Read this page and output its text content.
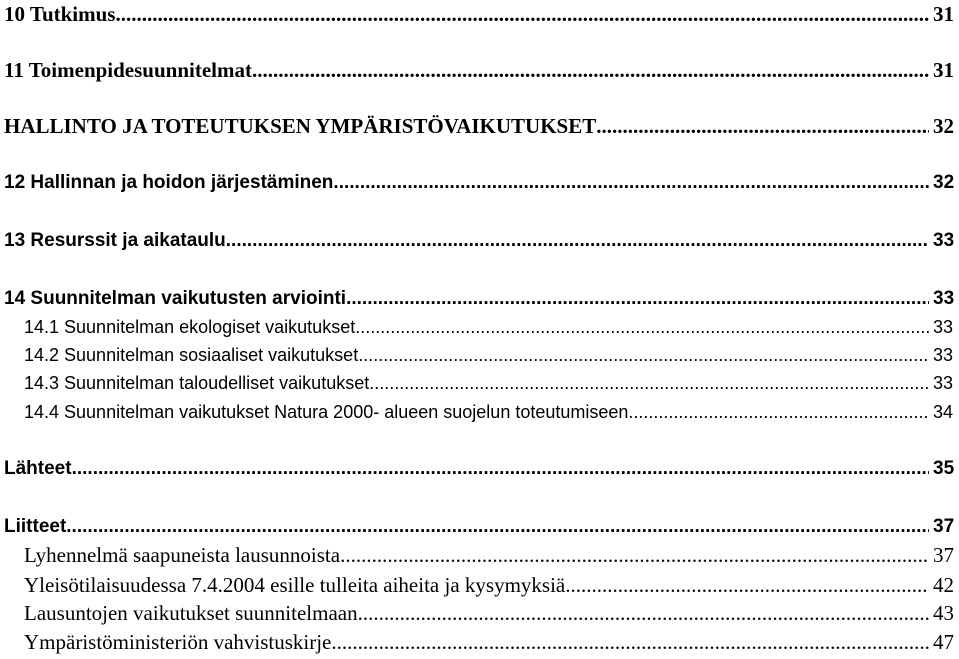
10 Tutkimus .....	31
11 Toimenpidesuunnitelmat .....	31
HALLINTO JA TOTEUTUKSEN YMPÄRISTÖVAIKUTUKSET .....	32
12 Hallinnan ja hoidon järjestäminen .....	32
13 Resurssit ja aikataulu .....	33
14 Suunnitelman vaikutusten arviointi .....	33
14.1 Suunnitelman ekologiset vaikutukset .....	33
14.2 Suunnitelman sosiaaliset vaikutukset .....	33
14.3 Suunnitelman taloudelliset vaikutukset .....	33
14.4 Suunnitelman vaikutukset Natura 2000- alueen suojelun toteutumiseen .....	34
Lähteet .....	35
Liitteet .....	37
Lyhennelmä saapuneista lausunnoista .....	37
Yleisötilaisuudessa 7.4.2004 esille tulleita aiheita ja kysymyksiä .....	42
Lausuntojen vaikutukset suunnitelmaan .....	43
Ympäristöministeriön vahvistuskirje .....	47
